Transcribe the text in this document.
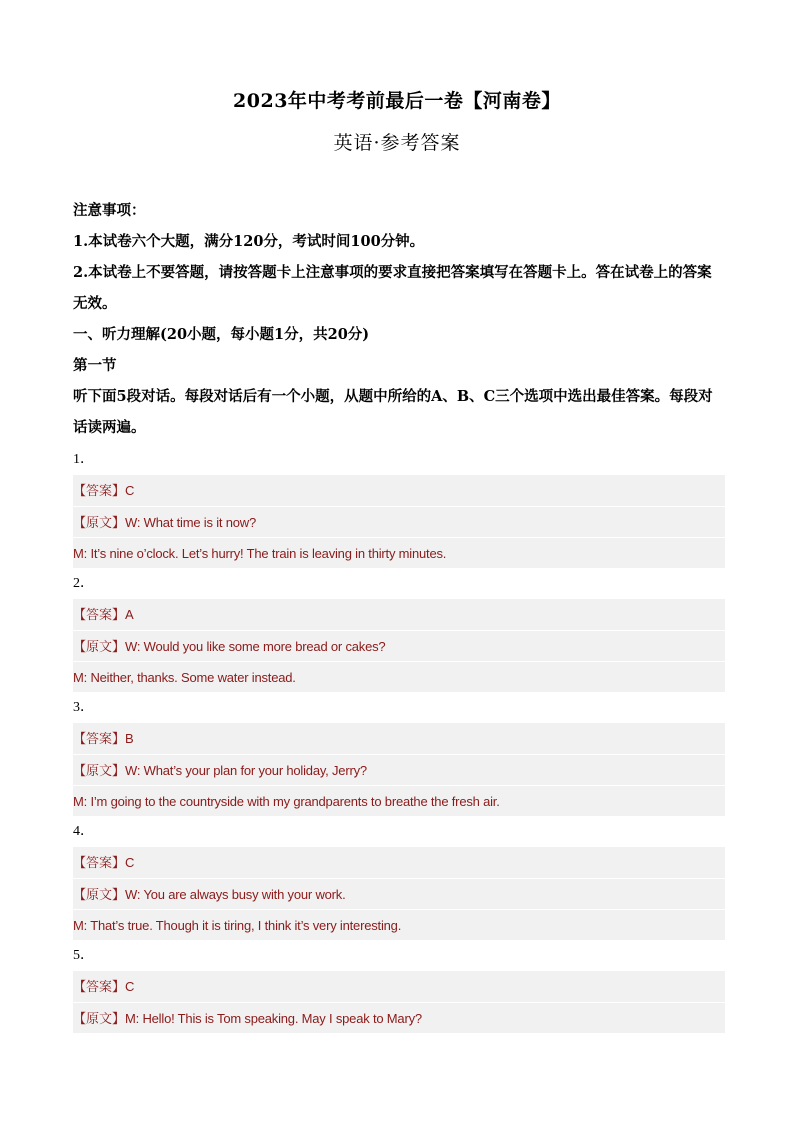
2023年中考考前最后一卷【河南卷】
英语·参考答案
注意事项：
1.本试卷六个大题，满分120分，考试时间100分钟。
2.本试卷上不要答题，请按答题卡上注意事项的要求直接把答案填写在答题卡上。答在试卷上的答案无效。
一、听力理解(20小题，每小题1分，共20分)
第一节
听下面5段对话。每段对话后有一个小题，从题中所给的A、B、C三个选项中选出最佳答案。每段对话读两遍。
1．
【答案】C
【原文】W: What time is it now?
M: It’s nine o’clock. Let’s hurry! The train is leaving in thirty minutes.
2．
【答案】A
【原文】W: Would you like some more bread or cakes?
M: Neither, thanks. Some water instead.
3．
【答案】B
【原文】W: What’s your plan for your holiday, Jerry?
M: I’m going to the countryside with my grandparents to breathe the fresh air.
4．
【答案】C
【原文】W: You are always busy with your work.
M: That’s true. Though it is tiring, I think it’s very interesting.
5．
【答案】C
【原文】M: Hello! This is Tom speaking. May I speak to Mary?
